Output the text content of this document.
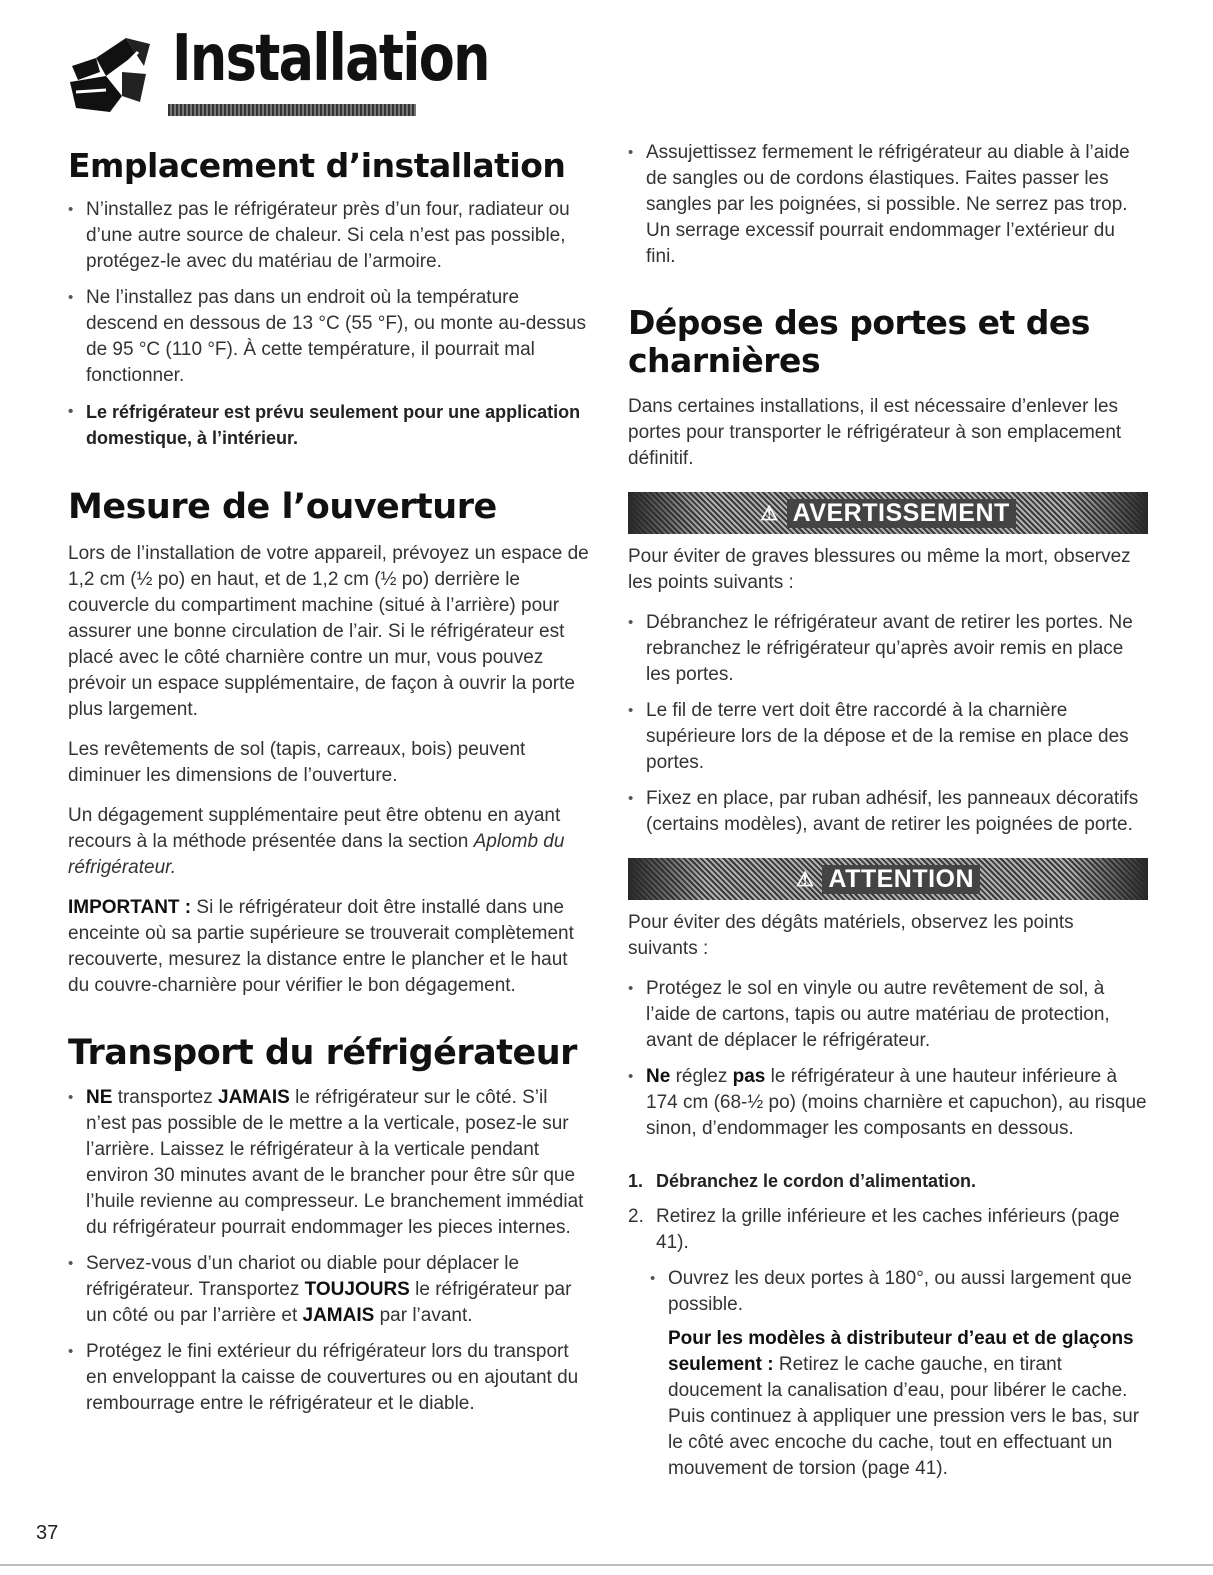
Installation
Emplacement d’installation
• N’installez pas le réfrigérateur près d’un four, radiateur ou d’une autre source de chaleur. Si cela n’est pas possible, protégez-le avec du matériau de l’armoire.
• Ne l’installez pas dans un endroit où la température descend en dessous de 13 °C (55 °F), ou monte au-dessus de 95 °C (110 °F). À cette température, il pourrait mal fonctionner.
• Le réfrigérateur est prévu seulement pour une application domestique, à l’intérieur.
Mesure de l’ouverture

Lors de l’installation de votre appareil, prévoyez un espace de 1,2 cm (½ po) en haut, et de 1,2 cm (½ po) derrière le couvercle du compartiment machine (situé à l’arrière) pour assurer une bonne circulation de l’air. Si le réfrigérateur est placé avec le côté charnière contre un mur, vous pouvez prévoir un espace supplémentaire, de façon à ouvrir la porte plus largement.

Les revêtements de sol (tapis, carreaux, bois) peuvent diminuer les dimensions de l’ouverture.

Un dégagement supplémentaire peut être obtenu en ayant recours à la méthode présentée dans la section Aplomb du réfrigérateur.

IMPORTANT : Si le réfrigérateur doit être installé dans une enceinte où sa partie supérieure se trouverait complètement recouverte, mesurez la distance entre le plancher et le haut du couvre-charnière pour vérifier le bon dégagement.

Transport du réfrigérateur
• NE transportez JAMAIS le réfrigérateur sur le côté. S’il n’est pas possible de le mettre a la verticale, posez-le sur l’arrière. Laissez le réfrigérateur à la verticale pendant environ 30 minutes avant de le brancher pour être sûr que l’huile revienne au compresseur. Le branchement immédiat du réfrigérateur pourrait endommager les pieces internes.
• Servez-vous d’un chariot ou diable pour déplacer le réfrigérateur. Transportez TOUJOURS le réfrigérateur par un côté ou par l’arrière et JAMAIS par l’avant.
• Protégez le fini extérieur du réfrigérateur lors du transport en enveloppant la caisse de couvertures ou en ajoutant du rembourrage entre le réfrigérateur et le diable.
• Assujettissez fermement le réfrigérateur au diable à l’aide de sangles ou de cordons élastiques. Faites passer les sangles par les poignées, si possible. Ne serrez pas trop. Un serrage excessif pourrait endommager l’extérieur du fini.
Dépose des portes et des charnières

Dans certaines installations, il est nécessaire d’enlever les portes pour transporter le réfrigérateur à son emplacement définitif.

⚠ AVERTISSEMENT

Pour éviter de graves blessures ou même la mort, observez les points suivants :

• Débranchez le réfrigérateur avant de retirer les portes. Ne rebranchez le réfrigérateur qu’après avoir remis en place les portes.
• Le fil de terre vert doit être raccordé à la charnière supérieure lors de la dépose et de la remise en place des portes.
• Fixez en place, par ruban adhésif, les panneaux décoratifs (certains modèles), avant de retirer les poignées de porte.
⚠ ATTENTION

Pour éviter des dégâts matériels, observez les points suivants :

• Protégez le sol en vinyle ou autre revêtement de sol, à l’aide de cartons, tapis ou autre matériau de protection, avant de déplacer le réfrigérateur.
• Ne réglez pas le réfrigérateur à une hauteur inférieure à 174 cm (68-½ po) (moins charnière et capuchon), au risque sinon, d’endommager les composants en dessous.
1. Débranchez le cordon d’alimentation.
2. Retirez la grille inférieure et les caches inférieurs (page 41).
• Ouvrez les deux portes à 180°, ou aussi largement que possible.
Pour les modèles à distributeur d’eau et de glaçons seulement : Retirez le cache gauche, en tirant doucement la canalisation d’eau, pour libérer le cache. Puis continuez à appliquer une pression vers le bas, sur le côté avec encoche du cache, tout en effectuant un mouvement de torsion (page 41).
37
